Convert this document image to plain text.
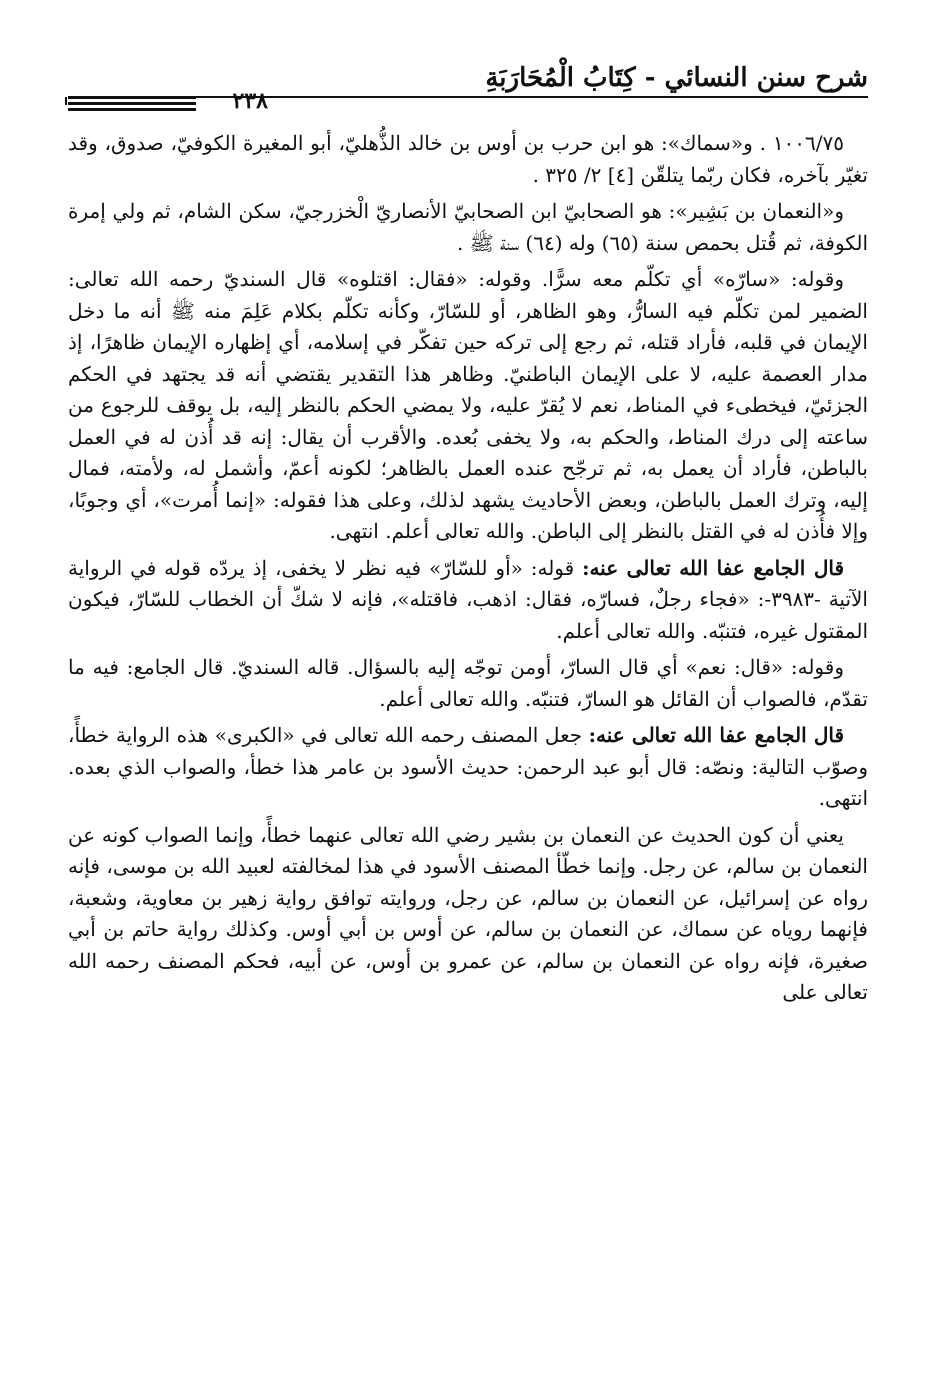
شرح سنن النسائي - كِتَابُ الْمُحَارَبَةِ
٢٣٨

١٠٠٦/٧٥ . و«سماك»: هو ابن حرب بن أوس بن خالد الذُّهليّ، أبو المغيرة الكوفيّ، صدوق، وقد تغيّر بآخره، فكان ربّما يتلقّن [٤] ٢/ ٣٢٥ .

و«النعمان بن بَشِير»: هو الصحابيّ ابن الصحابيّ الأنصاريّ الْخزرجيّ، سكن الشام، ثم ولي إمرة الكوفة، ثم قُتل بحمص سنة (٦٥) وله (٦٤) سنة ﷺ .

وقوله: «سارّه» أي تكلّم معه سرًّا. وقوله: «فقال: اقتلوه» قال السنديّ رحمه الله تعالى: الضمير لمن تكلّم فيه السارُّ، وهو الظاهر، أو للسّارّ، وكأنه تكلّم بكلام عَلِمَ منه ﷺ أنه ما دخل الإيمان في قلبه، فأراد قتله، ثم رجع إلى تركه حين تفكّر في إسلامه، أي إظهاره الإيمان ظاهرًا، إذ مدار العصمة عليه، لا على الإيمان الباطنيّ. وظاهر هذا التقدير يقتضي أنه قد يجتهد في الحكم الجزئيّ، فيخطىء في المناط، نعم لا يُقرّ عليه، ولا يمضي الحكم بالنظر إليه، بل يوقف للرجوع من ساعته إلى درك المناط، والحكم به، ولا يخفى بُعده. والأقرب أن يقال: إنه قد أُذن له في العمل بالباطن، فأراد أن يعمل به، ثم ترجّح عنده العمل بالظاهر؛ لكونه أعمّ، وأشمل له، ولأمته، فمال إليه، وترك العمل بالباطن، وبعض الأحاديث يشهد لذلك، وعلى هذا فقوله: «إنما أُمرت»، أي وجوبًا، وإلا فأُذن له في القتل بالنظر إلى الباطن. والله تعالى أعلم. انتهى.

قال الجامع عفا الله تعالى عنه: قوله: «أو للسّارّ» فيه نظر لا يخفى، إذ يردّه قوله في الرواية الآتية -٣٩٨٣-: «فجاء رجلٌ، فسارّه، فقال: اذهب، فاقتله»، فإنه لا شكّ أن الخطاب للسّارّ، فيكون المقتول غيره، فتنبّه. والله تعالى أعلم.

وقوله: «قال: نعم» أي قال السارّ، أومن توجّه إليه بالسؤال. قاله السنديّ. قال الجامع: فيه ما تقدّم، فالصواب أن القائل هو السارّ، فتنبّه. والله تعالى أعلم.

قال الجامع عفا الله تعالى عنه: جعل المصنف رحمه الله تعالى في «الكبرى» هذه الرواية خطأً، وصوّب التالية: ونصّه: قال أبو عبد الرحمن: حديث الأسود بن عامر هذا خطأ، والصواب الذي بعده. انتهى.

يعني أن كون الحديث عن النعمان بن بشير رضي الله تعالى عنهما خطأً، وإنما الصواب كونه عن النعمان بن سالم، عن رجل. وإنما خطّأ المصنف الأسود في هذا لمخالفته لعبيد الله بن موسى، فإنه رواه عن إسرائيل، عن النعمان بن سالم، عن رجل، وروايته توافق رواية زهير بن معاوية، وشعبة، فإنهما روياه عن سماك، عن النعمان بن سالم، عن أوس بن أبي أوس. وكذلك رواية حاتم بن أبي صغيرة، فإنه رواه عن النعمان بن سالم، عن عمرو بن أوس، عن أبيه، فحكم المصنف رحمه الله تعالى على
